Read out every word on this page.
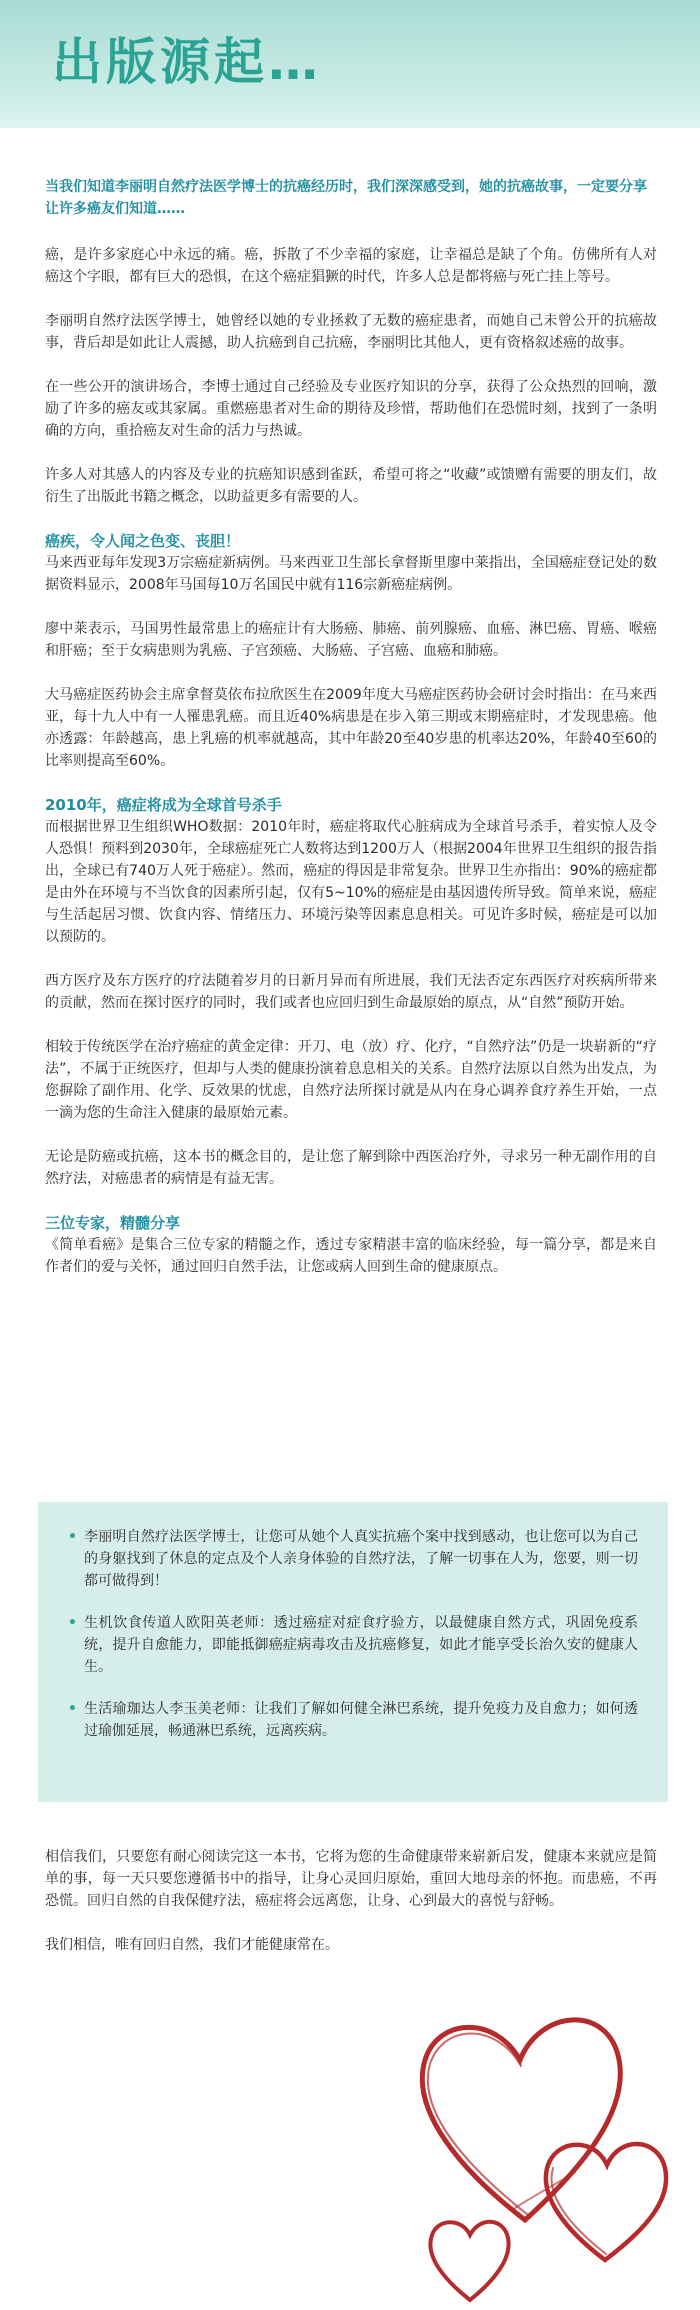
出版源起…

当我们知道李丽明自然疗法医学博士的抗癌经历时，我们深深感受到，她的抗癌故事，一定要分享让许多癌友们知道……

癌，是许多家庭心中永远的痛。癌，拆散了不少幸福的家庭，让幸福总是缺了个角。仿佛所有人对癌这个字眼，都有巨大的恐惧，在这个癌症猖獗的时代，许多人总是都将癌与死亡挂上等号。

李丽明自然疗法医学博士，她曾经以她的专业拯救了无数的癌症患者，而她自己未曾公开的抗癌故事，背后却是如此让人震撼，助人抗癌到自己抗癌，李丽明比其他人，更有资格叙述癌的故事。

在一些公开的演讲场合，李博士通过自己经验及专业医疗知识的分享，获得了公众热烈的回响，激励了许多的癌友或其家属。重燃癌患者对生命的期待及珍惜，帮助他们在恐慌时刻，找到了一条明确的方向，重拾癌友对生命的活力与热诚。

许多人对其感人的内容及专业的抗癌知识感到雀跃，希望可将之“收藏”或馈赠有需要的朋友们，故衍生了出版此书籍之概念，以助益更多有需要的人。

癌疾，令人闻之色变、丧胆！

马来西亚每年发现3万宗癌症新病例。马来西亚卫生部长拿督斯里廖中莱指出，全国癌症登记处的数据资料显示，2008年马国每10万名国民中就有116宗新癌症病例。

廖中莱表示，马国男性最常患上的癌症计有大肠癌、肺癌、前列腺癌、血癌、淋巴癌、胃癌、喉癌和肝癌；至于女病患则为乳癌、子宫颈癌、大肠癌、子宫癌、血癌和肺癌。

大马癌症医药协会主席拿督莫依布拉欣医生在2009年度大马癌症医药协会研讨会时指出：在马来西亚，每十九人中有一人罹患乳癌。而且近40%病患是在步入第三期或末期癌症时，才发现患癌。他亦透露：年龄越高，患上乳癌的机率就越高，其中年龄20至40岁患的机率达20%，年龄40至60的比率则提高至60%。

2010年，癌症将成为全球首号杀手

而根据世界卫生组织WHO数据：2010年时，癌症将取代心脏病成为全球首号杀手，着实惊人及令人恐惧！预料到2030年，全球癌症死亡人数将达到1200万人（根据2004年世界卫生组织的报告指出，全球已有740万人死于癌症）。然而，癌症的得因是非常复杂。世界卫生亦指出：90%的癌症都是由外在环境与不当饮食的因素所引起，仅有5~10%的癌症是由基因遗传所导致。简单来说，癌症与生活起居习惯、饮食内容、情绪压力、环境污染等因素息息相关。可见许多时候，癌症是可以加以预防的。

西方医疗及东方医疗的疗法随着岁月的日新月异而有所进展，我们无法否定东西医疗对疾病所带来的贡献，然而在探讨医疗的同时，我们或者也应回归到生命最原始的原点，从“自然”预防开始。

相较于传统医学在治疗癌症的黄金定律：开刀、电（放）疗、化疗，“自然疗法”仍是一块崭新的“疗法”，不属于正统医疗，但却与人类的健康扮演着息息相关的关系。自然疗法原以自然为出发点，为您摒除了副作用、化学、反效果的忧虑，自然疗法所探讨就是从内在身心调养食疗养生开始，一点一滴为您的生命注入健康的最原始元素。

无论是防癌或抗癌，这本书的概念目的，是让您了解到除中西医治疗外，寻求另一种无副作用的自然疗法，对癌患者的病情是有益无害。

三位专家，精髓分享

《简单看癌》是集合三位专家的精髓之作，透过专家精湛丰富的临床经验，每一篇分享，都是来自作者们的爱与关怀，通过回归自然手法，让您或病人回到生命的健康原点。

• 李丽明自然疗法医学博士，让您可从她个人真实抗癌个案中找到感动，也让您可以为自己的身躯找到了休息的定点及个人亲身体验的自然疗法，了解一切事在人为，您要，则一切都可做得到！
• 生机饮食传道人欧阳英老师：透过癌症对症食疗验方，以最健康自然方式，巩固免疫系统，提升自愈能力，即能抵御癌症病毒攻击及抗癌修复，如此才能享受长治久安的健康人生。
• 生活瑜珈达人李玉美老师：让我们了解如何健全淋巴系统，提升免疫力及自愈力；如何透过瑜伽延展，畅通淋巴系统，远离疾病。

相信我们，只要您有耐心阅读完这一本书，它将为您的生命健康带来崭新启发，健康本来就应是简单的事，每一天只要您遵循书中的指导，让身心灵回归原始，重回大地母亲的怀抱。而患癌，不再恐慌。回归自然的自我保健疗法，癌症将会远离您，让身、心到最大的喜悦与舒畅。

我们相信，唯有回归自然，我们才能健康常在。
